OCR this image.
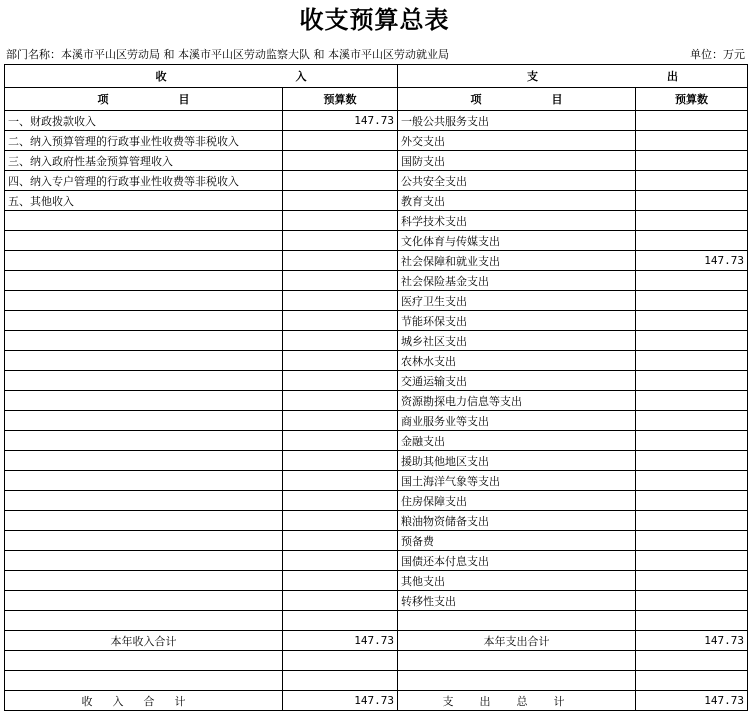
收支预算总表
部门名称：本溪市平山区劳动局 和 本溪市平山区劳动监察大队 和 本溪市平山区劳动就业局	单位：万元
收 入		支 出	
项 目	预算数	项 目	预算数
一、财政拨款收入	147.73	一般公共服务支出	
二、纳入预算管理的行政事业性收费等非税收入		外交支出	
三、纳入政府性基金预算管理收入		国防支出	
四、纳入专户管理的行政事业性收费等非税收入		公共安全支出	
五、其他收入		教育支出	
		科学技术支出	
		文化体育与传媒支出	
		社会保障和就业支出	147.73
		社会保险基金支出	
		医疗卫生支出	
		节能环保支出	
		城乡社区支出	
		农林水支出	
		交通运输支出	
		资源勘探电力信息等支出	
		商业服务业等支出	
		金融支出	
		援助其他地区支出	
		国土海洋气象等支出	
		住房保障支出	
		粮油物资储备支出	
		预备费	
		国债还本付息支出	
		其他支出	
		转移性支出	

本年收入合计	147.73	本年支出合计	147.73

收入合计	147.73	支出总计	147.73
